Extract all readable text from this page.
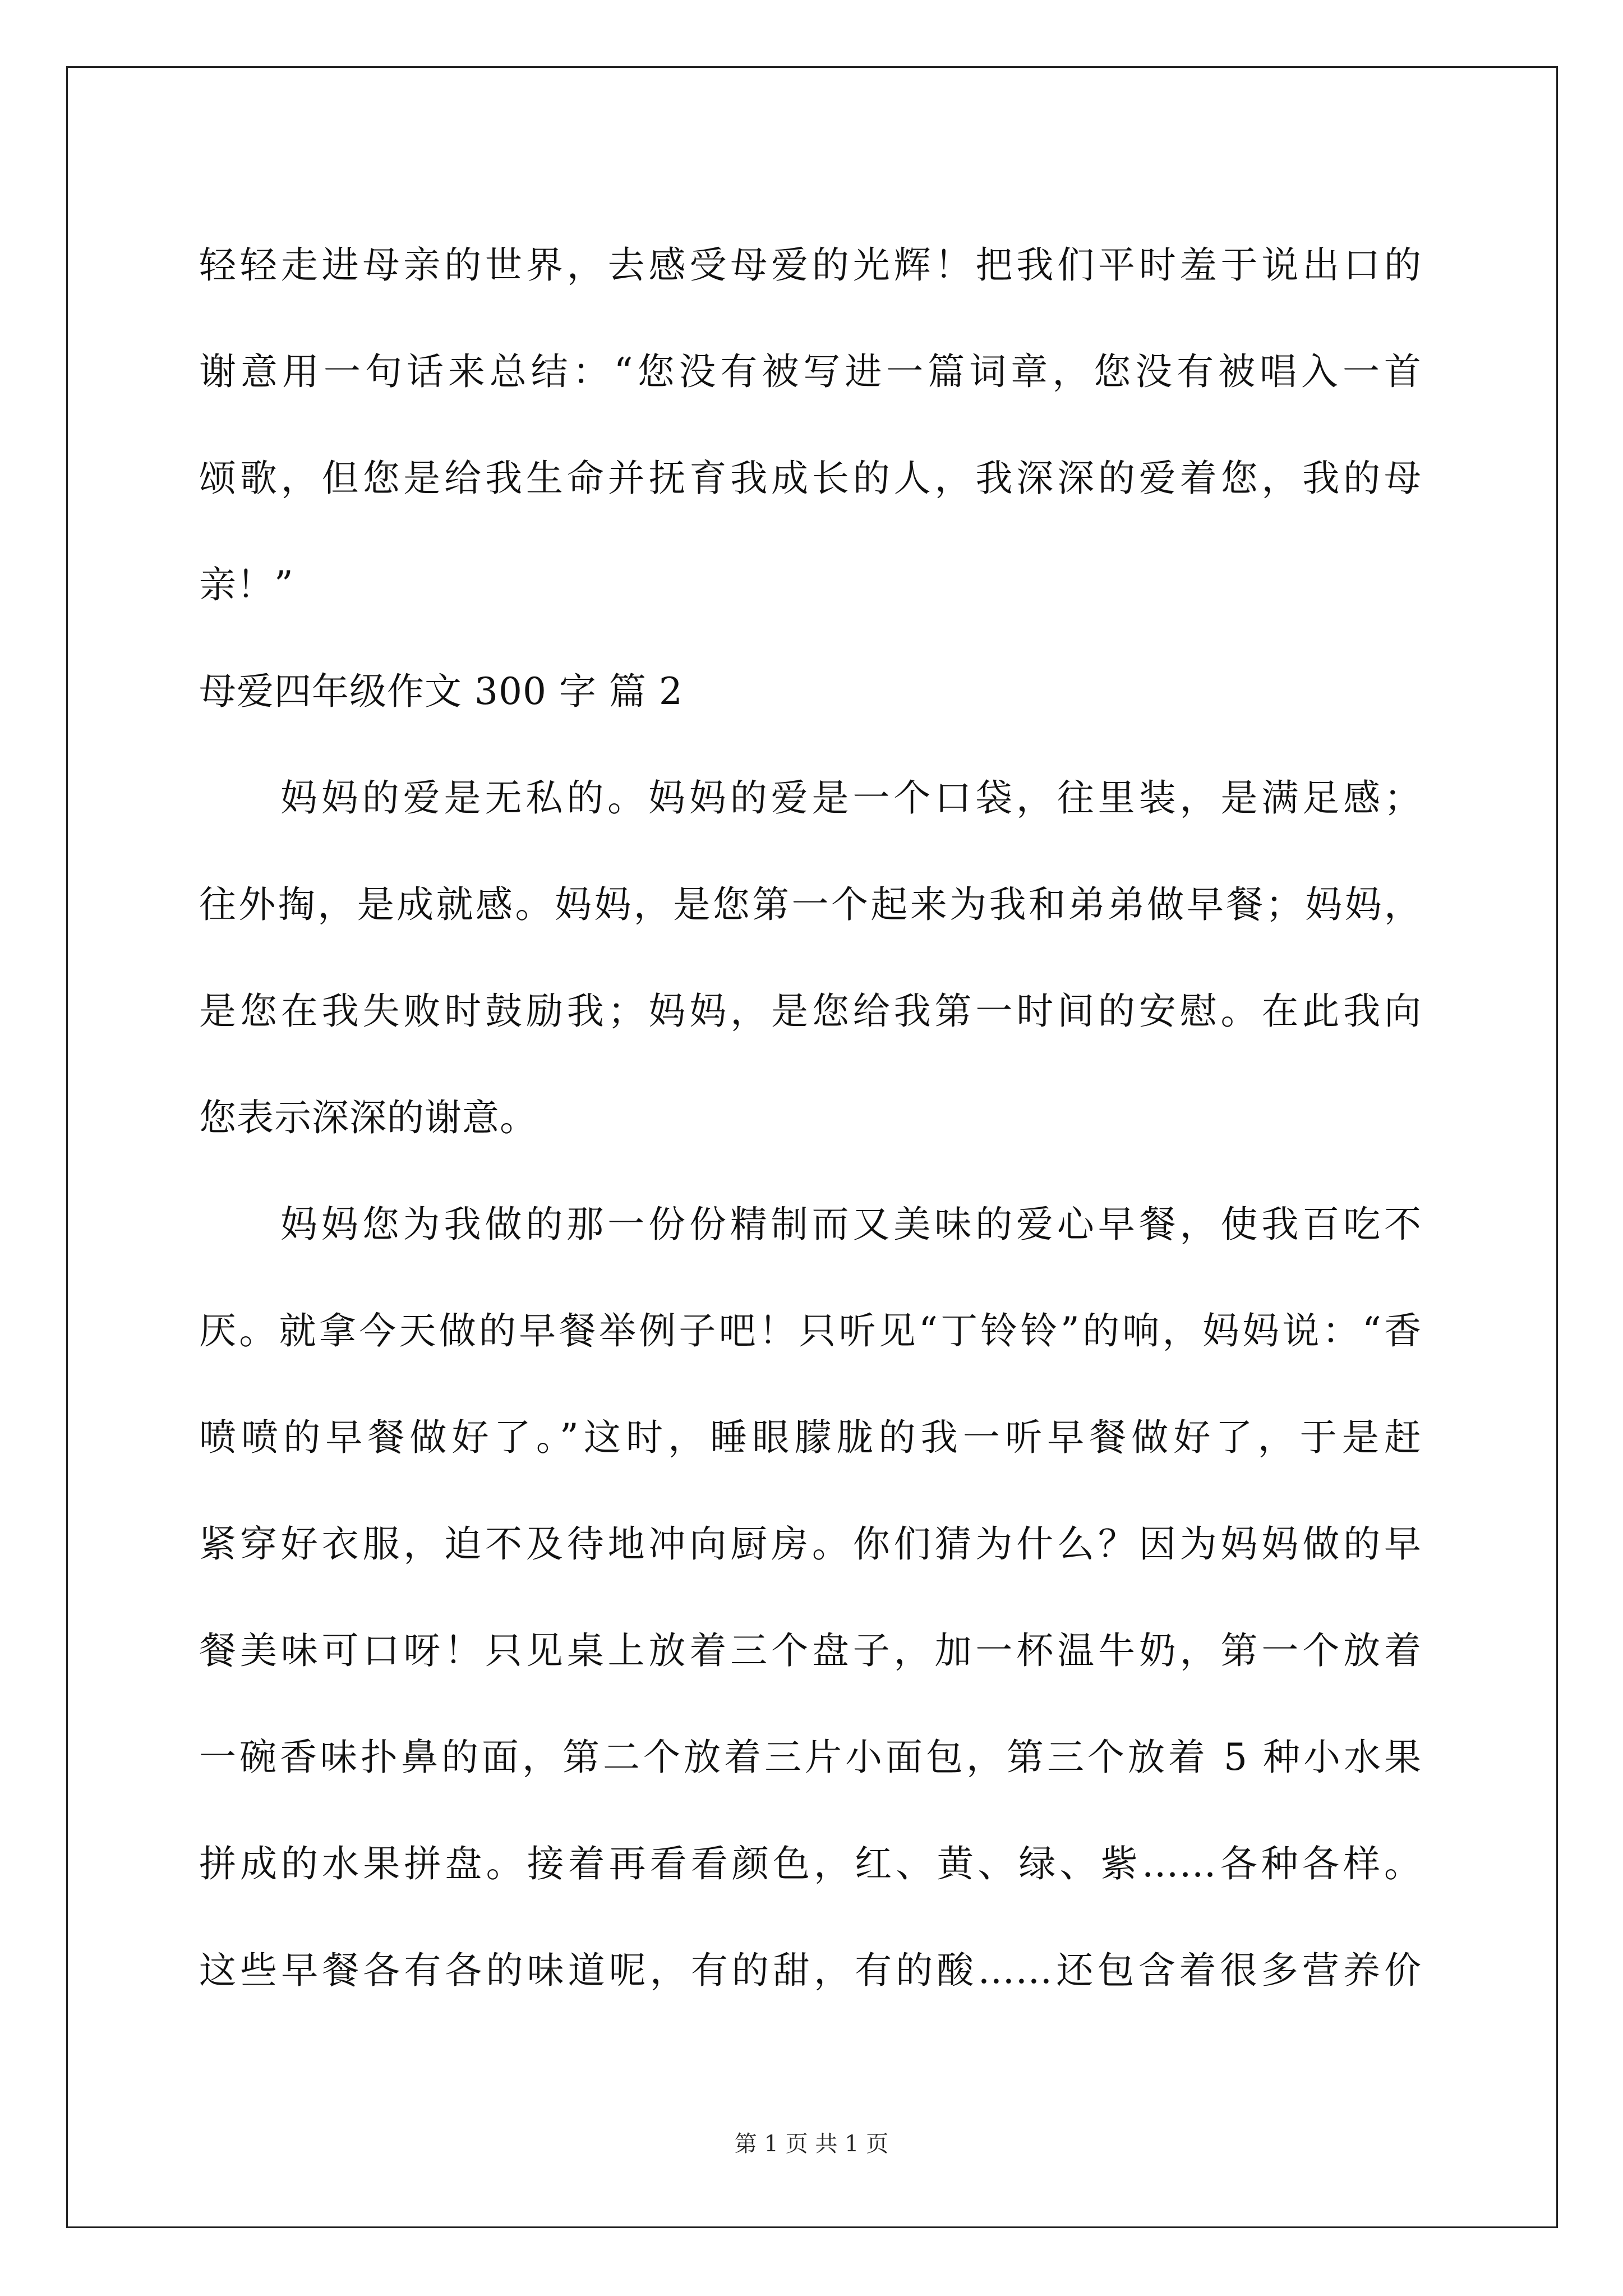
轻轻走进母亲的世界，去感受母爱的光辉！把我们平时羞于说出口的
谢意用一句话来总结：“您没有被写进一篇词章，您没有被唱入一首
颂歌，但您是给我生命并抚育我成长的人，我深深的爱着您，我的母
亲！”
母爱四年级作文 300 字 篇 2
妈妈的爱是无私的。妈妈的爱是一个口袋，往里装，是满足感；
往外掏，是成就感。妈妈，是您第一个起来为我和弟弟做早餐；妈妈，
是您在我失败时鼓励我；妈妈，是您给我第一时间的安慰。在此我向
您表示深深的谢意。
妈妈您为我做的那一份份精制而又美味的爱心早餐，使我百吃不
厌。就拿今天做的早餐举例子吧！只听见“丁铃铃”的响，妈妈说：“香
喷喷的早餐做好了。”这时，睡眼朦胧的我一听早餐做好了，于是赶
紧穿好衣服，迫不及待地冲向厨房。你们猜为什么？因为妈妈做的早
餐美味可口呀！只见桌上放着三个盘子，加一杯温牛奶，第一个放着
一碗香味扑鼻的面，第二个放着三片小面包，第三个放着 5 种小水果
拼成的水果拼盘。接着再看看颜色，红、黄、绿、紫……各种各样。
这些早餐各有各的味道呢，有的甜，有的酸……还包含着很多营养价
第 1 页 共 1 页
